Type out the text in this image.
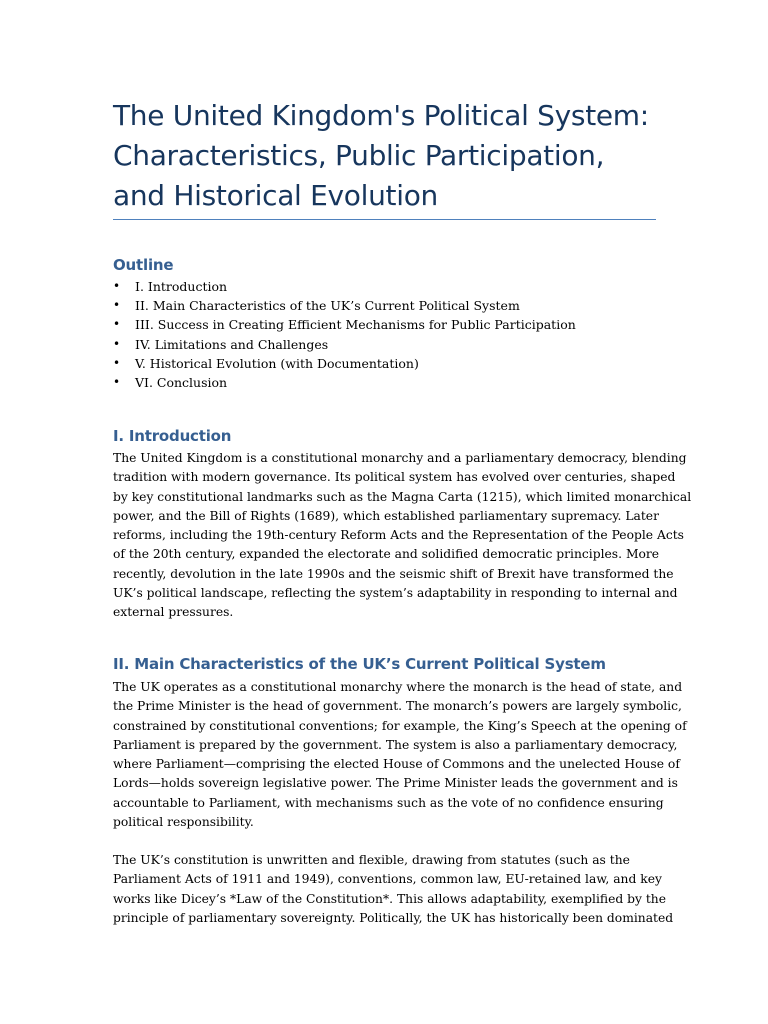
The United Kingdom's Political System:
Characteristics, Public Participation,
and Historical Evolution
Outline
• I. Introduction
• II. Main Characteristics of the UK’s Current Political System
• III. Success in Creating Efficient Mechanisms for Public Participation
• IV. Limitations and Challenges
• V. Historical Evolution (with Documentation)
• VI. Conclusion
I. Introduction

The United Kingdom is a constitutional monarchy and a parliamentary democracy, blending
tradition with modern governance. Its political system has evolved over centuries, shaped
by key constitutional landmarks such as the Magna Carta (1215), which limited monarchical
power, and the Bill of Rights (1689), which established parliamentary supremacy. Later
reforms, including the 19th-century Reform Acts and the Representation of the People Acts
of the 20th century, expanded the electorate and solidified democratic principles. More
recently, devolution in the late 1990s and the seismic shift of Brexit have transformed the
UK’s political landscape, reflecting the system’s adaptability in responding to internal and
external pressures.

II. Main Characteristics of the UK’s Current Political System

The UK operates as a constitutional monarchy where the monarch is the head of state, and
the Prime Minister is the head of government. The monarch’s powers are largely symbolic,
constrained by constitutional conventions; for example, the King’s Speech at the opening of
Parliament is prepared by the government. The system is also a parliamentary democracy,
where Parliament—comprising the elected House of Commons and the unelected House of
Lords—holds sovereign legislative power. The Prime Minister leads the government and is
accountable to Parliament, with mechanisms such as the vote of no confidence ensuring
political responsibility.

The UK’s constitution is unwritten and flexible, drawing from statutes (such as the
Parliament Acts of 1911 and 1949), conventions, common law, EU-retained law, and key
works like Dicey’s *Law of the Constitution*. This allows adaptability, exemplified by the
principle of parliamentary sovereignty. Politically, the UK has historically been dominated
